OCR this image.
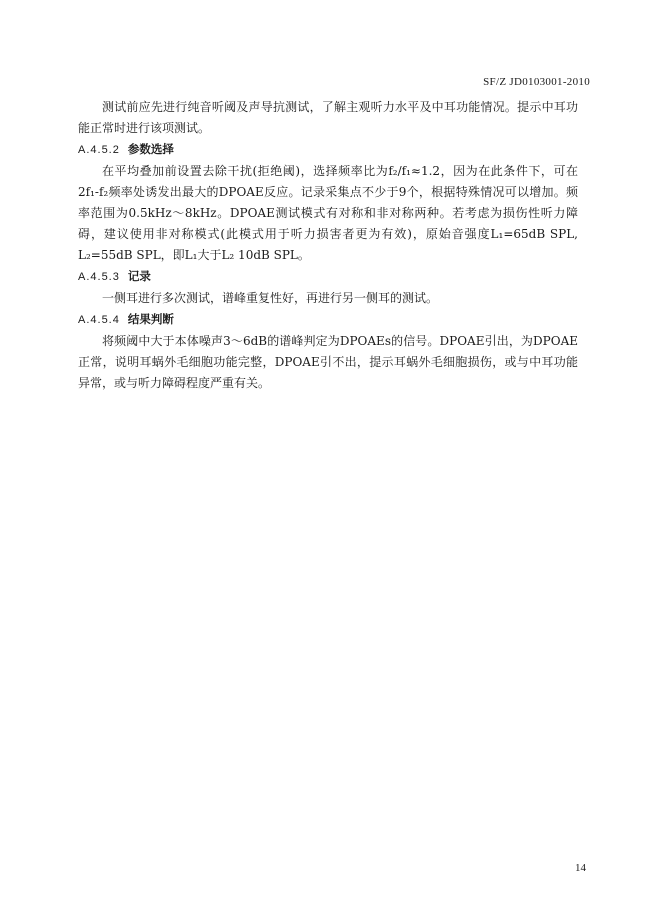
SF/Z JD0103001-2010

测试前应先进行纯音听阈及声导抗测试，了解主观听力水平及中耳功能情况。提示中耳功能正常时进行该项测试。

A.4.5.2 参数选择

在平均叠加前设置去除干扰(拒绝阈)，选择频率比为f₂/f₁≈1.2，因为在此条件下，可在2f₁-f₂频率处诱发出最大的DPOAE反应。记录采集点不少于9个，根据特殊情况可以增加。频率范围为0.5kHz～8kHz。DPOAE测试模式有对称和非对称两种。若考虑为损伤性听力障碍，建议使用非对称模式(此模式用于听力损害者更为有效)，原始音强度L₁=65dB SPL, L₂=55dB SPL，即L₁大于L₂ 10dB SPL。

A.4.5.3 记录

一侧耳进行多次测试，谱峰重复性好，再进行另一侧耳的测试。

A.4.5.4 结果判断

将频阈中大于本体噪声3～6dB的谱峰判定为DPOAEs的信号。DPOAE引出，为DPOAE正常，说明耳蜗外毛细胞功能完整，DPOAE引不出，提示耳蜗外毛细胞损伤，或与中耳功能异常，或与听力障碍程度严重有关。

14
